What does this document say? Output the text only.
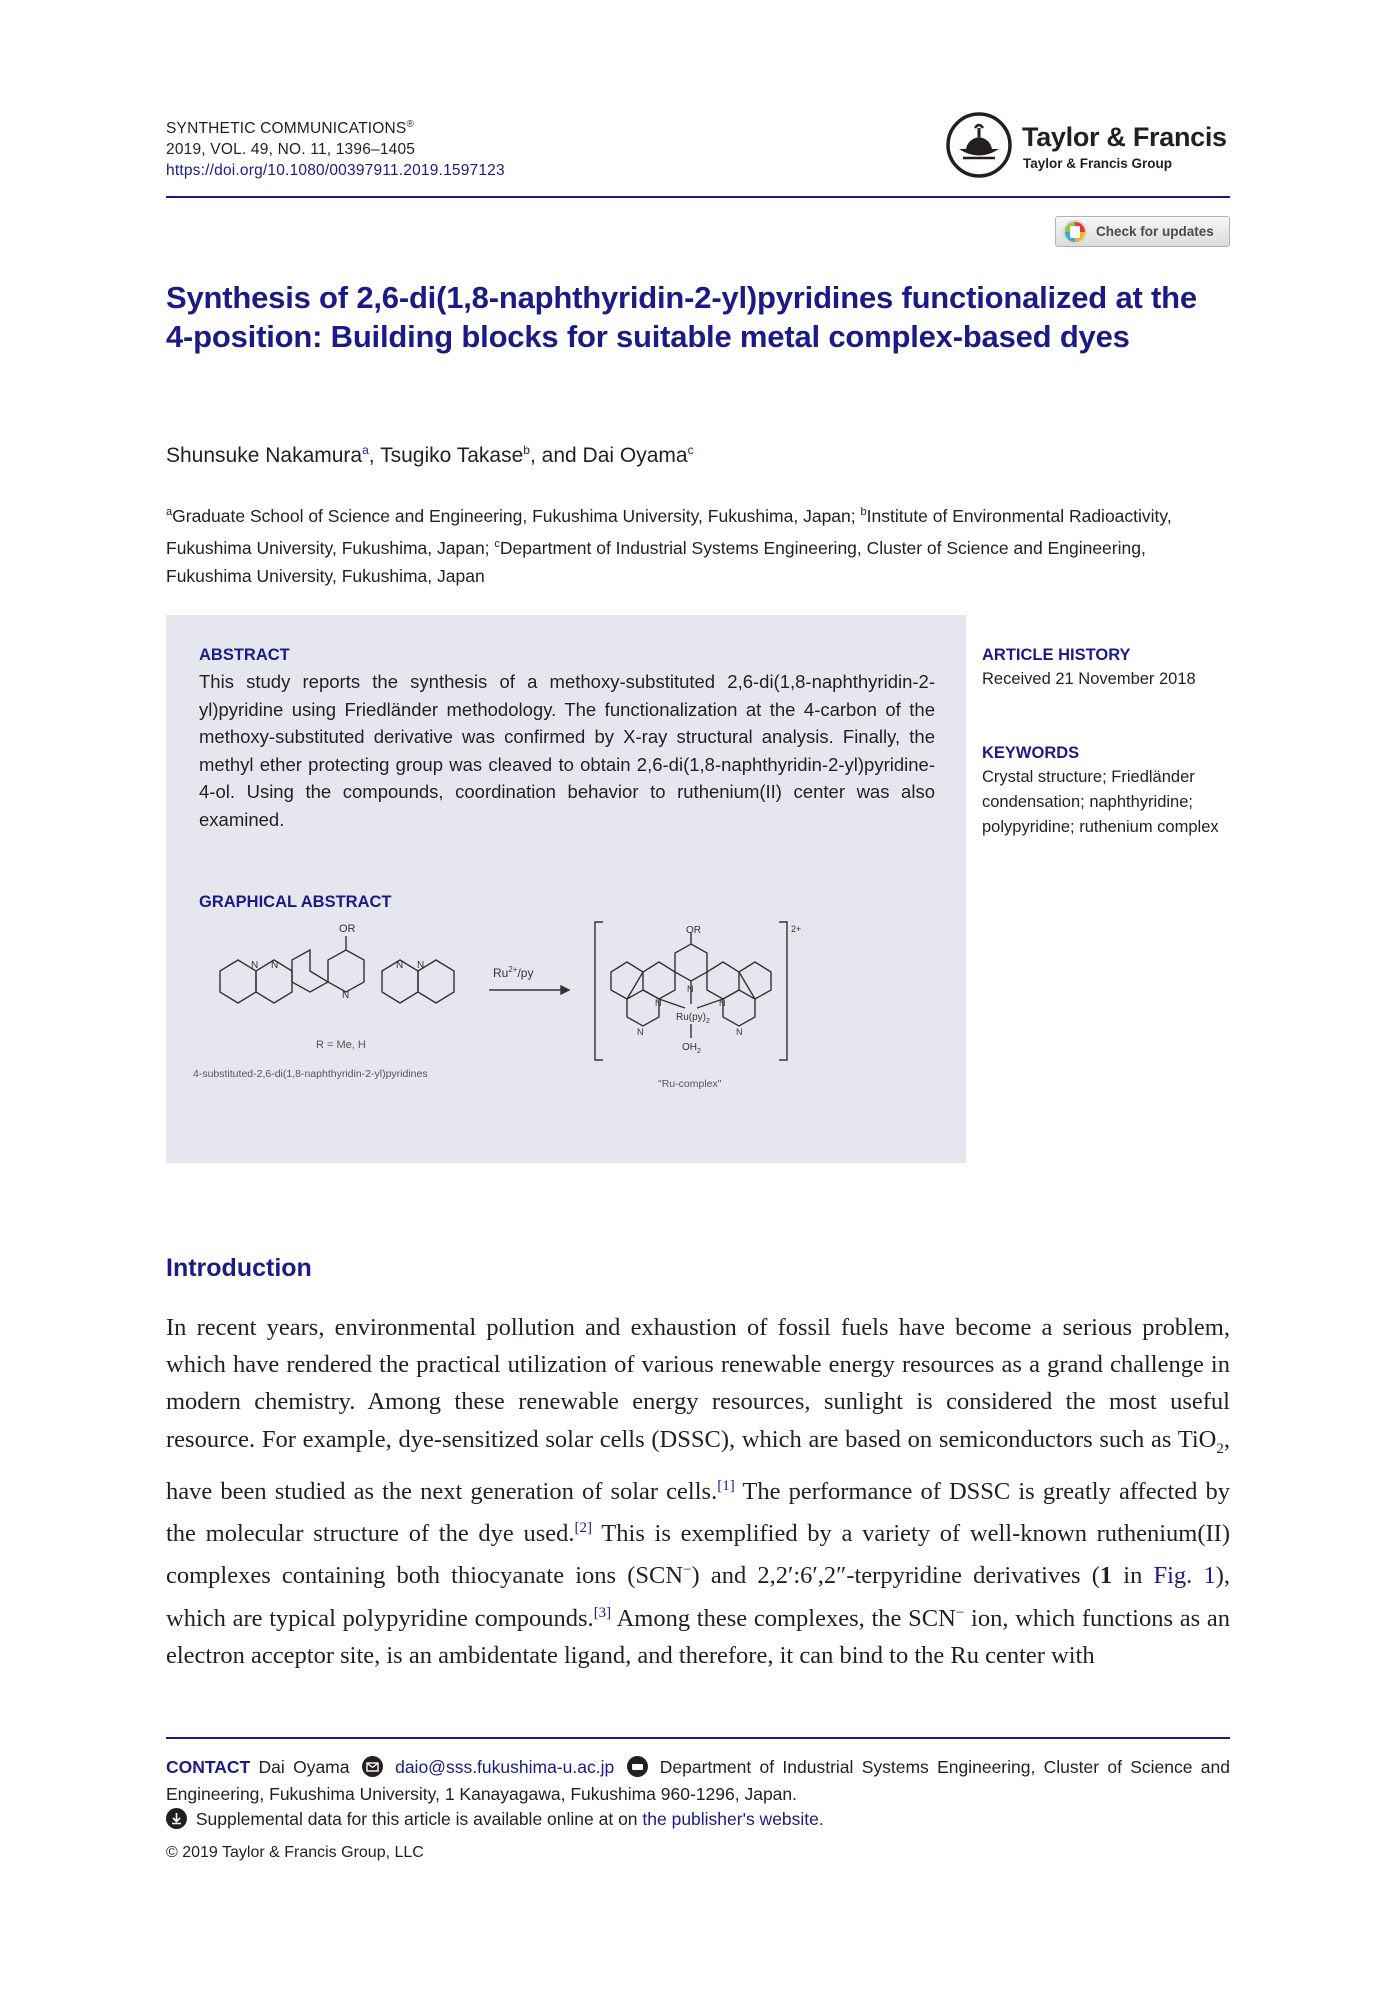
SYNTHETIC COMMUNICATIONS®
2019, VOL. 49, NO. 11, 1396–1405
https://doi.org/10.1080/00397911.2019.1597123
Taylor & Francis
Taylor & Francis Group
Check for updates
Synthesis of 2,6-di(1,8-naphthyridin-2-yl)pyridines functionalized at the 4-position: Building blocks for suitable metal complex-based dyes
Shunsuke Nakamura$^a$, Tsugiko Takase$^b$, and Dai Oyama$^c$
$^a$Graduate School of Science and Engineering, Fukushima University, Fukushima, Japan; $^b$Institute of Environmental Radioactivity, Fukushima University, Fukushima, Japan; $^c$Department of Industrial Systems Engineering, Cluster of Science and Engineering, Fukushima University, Fukushima, Japan
ABSTRACT
This study reports the synthesis of a methoxy-substituted 2,6-di(1,8-naphthyridin-2-yl)pyridine using Friedländer methodology. The functionalization at the 4-carbon of the methoxy-substituted derivative was confirmed by X-ray structural analysis. Finally, the methyl ether protecting group was cleaved to obtain 2,6-di(1,8-naphthyridin-2-yl)pyridine-4-ol. Using the compounds, coordination behavior to ruthenium(II) center was also examined.
GRAPHICAL ABSTRACT
OR
N
N
N	N N
R = Me, H
4-substituted-2,6-di(1,8-naphthyridin-2-yl)pyridines
$Ru^{2+}/py$
2+
OR
N
N	N
N	N
$Ru(py)_2$
$OH_2$
"Ru-complex"
ARTICLE HISTORY
Received 21 November 2018
KEYWORDS
Crystal structure; Friedländer condensation; naphthyridine; polypyridine; ruthenium complex
Introduction
In recent years, environmental pollution and exhaustion of fossil fuels have become a serious problem, which have rendered the practical utilization of various renewable energy resources as a grand challenge in modern chemistry. Among these renewable energy resources, sunlight is considered the most useful resource. For example, dye-sensitized solar cells (DSSC), which are based on semiconductors such as TiO$_2$, have been studied as the next generation of solar cells.[1] The performance of DSSC is greatly affected by the molecular structure of the dye used.[2] This is exemplified by a variety of well-known ruthenium(II) complexes containing both thiocyanate ions (SCN−) and 2,2′:6′,2″-terpyridine derivatives (1 in Fig. 1), which are typical polypyridine compounds.[3] Among these complexes, the SCN− ion, which functions as an electron acceptor site, is an ambidentate ligand, and therefore, it can bind to the Ru center with
CONTACT Dai Oyama	daio@sss.fukushima-u.ac.jp	Department of Industrial Systems Engineering, Cluster of Science and Engineering, Fukushima University, 1 Kanayagawa, Fukushima 960-1296, Japan.
Supplemental data for this article is available online at on the publisher's website.
© 2019 Taylor & Francis Group, LLC
